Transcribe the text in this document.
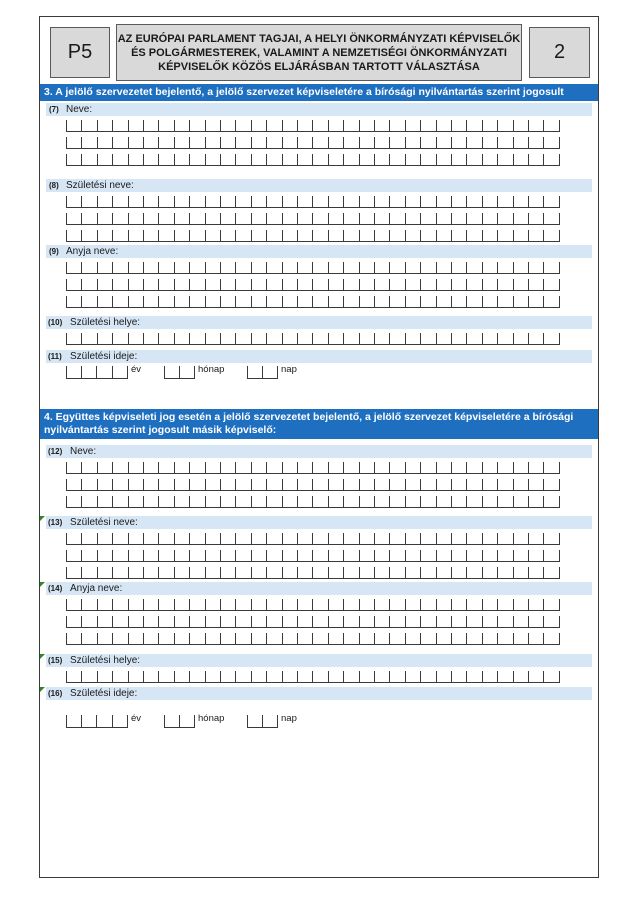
P5
AZ EURÓPAI PARLAMENT TAGJAI, A HELYI ÖNKORMÁNYZATI KÉPVISELŐK
ÉS POLGÁRMESTEREK, VALAMINT A NEMZETISÉGI ÖNKORMÁNYZATI
KÉPVISELŐK KÖZÖS ELJÁRÁSBAN TARTOTT VÁLASZTÁSA
2
3. A jelölő szervezetet bejelentő, a jelölő szervezet képviseletére a bírósági nyilvántartás szerint jogosult
(7) Neve:
(8) Születési neve:
(9) Anyja neve:
(10) Születési helye:
(11) Születési ideje:
év	hónap	nap
4. Együttes képviseleti jog esetén a jelölő szervezetet bejelentő, a jelölő szervezet képviseletére a bírósági
nyilvántartás szerint jogosult másik képviselő:
(12) Neve:
(13) Születési neve:
(14) Anyja neve:
(15) Születési helye:
(16) Születési ideje:
év	hónap	nap
